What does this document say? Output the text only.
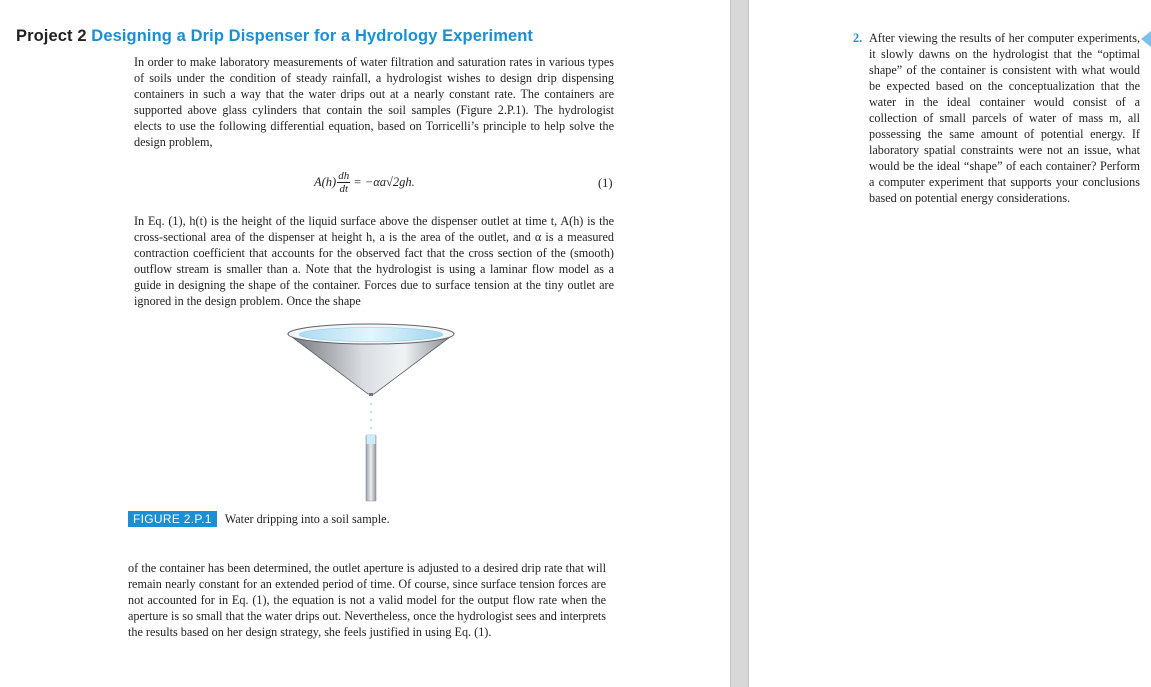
Project 2 Designing a Drip Dispenser for a Hydrology Experiment

In order to make laboratory measurements of water filtration and saturation rates in various types of soils under the condition of steady rainfall, a hydrologist wishes to design drip dispensing containers in such a way that the water drips out at a nearly constant rate. The containers are supported above glass cylinders that contain the soil samples (Figure 2.P.1). The hydrologist elects to use the following differential equation, based on Torricelli’s principle to help solve the design problem,

$A(h) \frac{dh}{dt} = -\alpha a√2gh$.	(1)

In Eq. (1), h(t) is the height of the liquid surface above the dispenser outlet at time t, A(h) is the cross-sectional area of the dispenser at height h, a is the area of the outlet, and α is a measured contraction coefficient that accounts for the observed fact that the cross section of the (smooth) outflow stream is smaller than a. Note that the hydrologist is using a laminar flow model as a guide in designing the shape of the container. Forces due to surface tension at the tiny outlet are ignored in the design problem. Once the shape

FIGURE 2.P.1	Water dripping into a soil sample.

of the container has been determined, the outlet aperture is adjusted to a desired drip rate that will remain nearly constant for an extended period of time. Of course, since surface tension forces are not accounted for in Eq. (1), the equation is not a valid model for the output flow rate when the aperture is so small that the water drips out. Nevertheless, once the hydrologist sees and interprets the results based on her design strategy, she feels justified in using Eq. (1).

2. After viewing the results of her computer experiments, it slowly dawns on the hydrologist that the “optimal shape” of the container is consistent with what would be expected based on the conceptualization that the water in the ideal container would consist of a collection of small parcels of water of mass m, all possessing the same amount of potential energy. If laboratory spatial constraints were not an issue, what would be the ideal “shape” of each container? Perform a computer experiment that supports your conclusions based on potential energy considerations.
